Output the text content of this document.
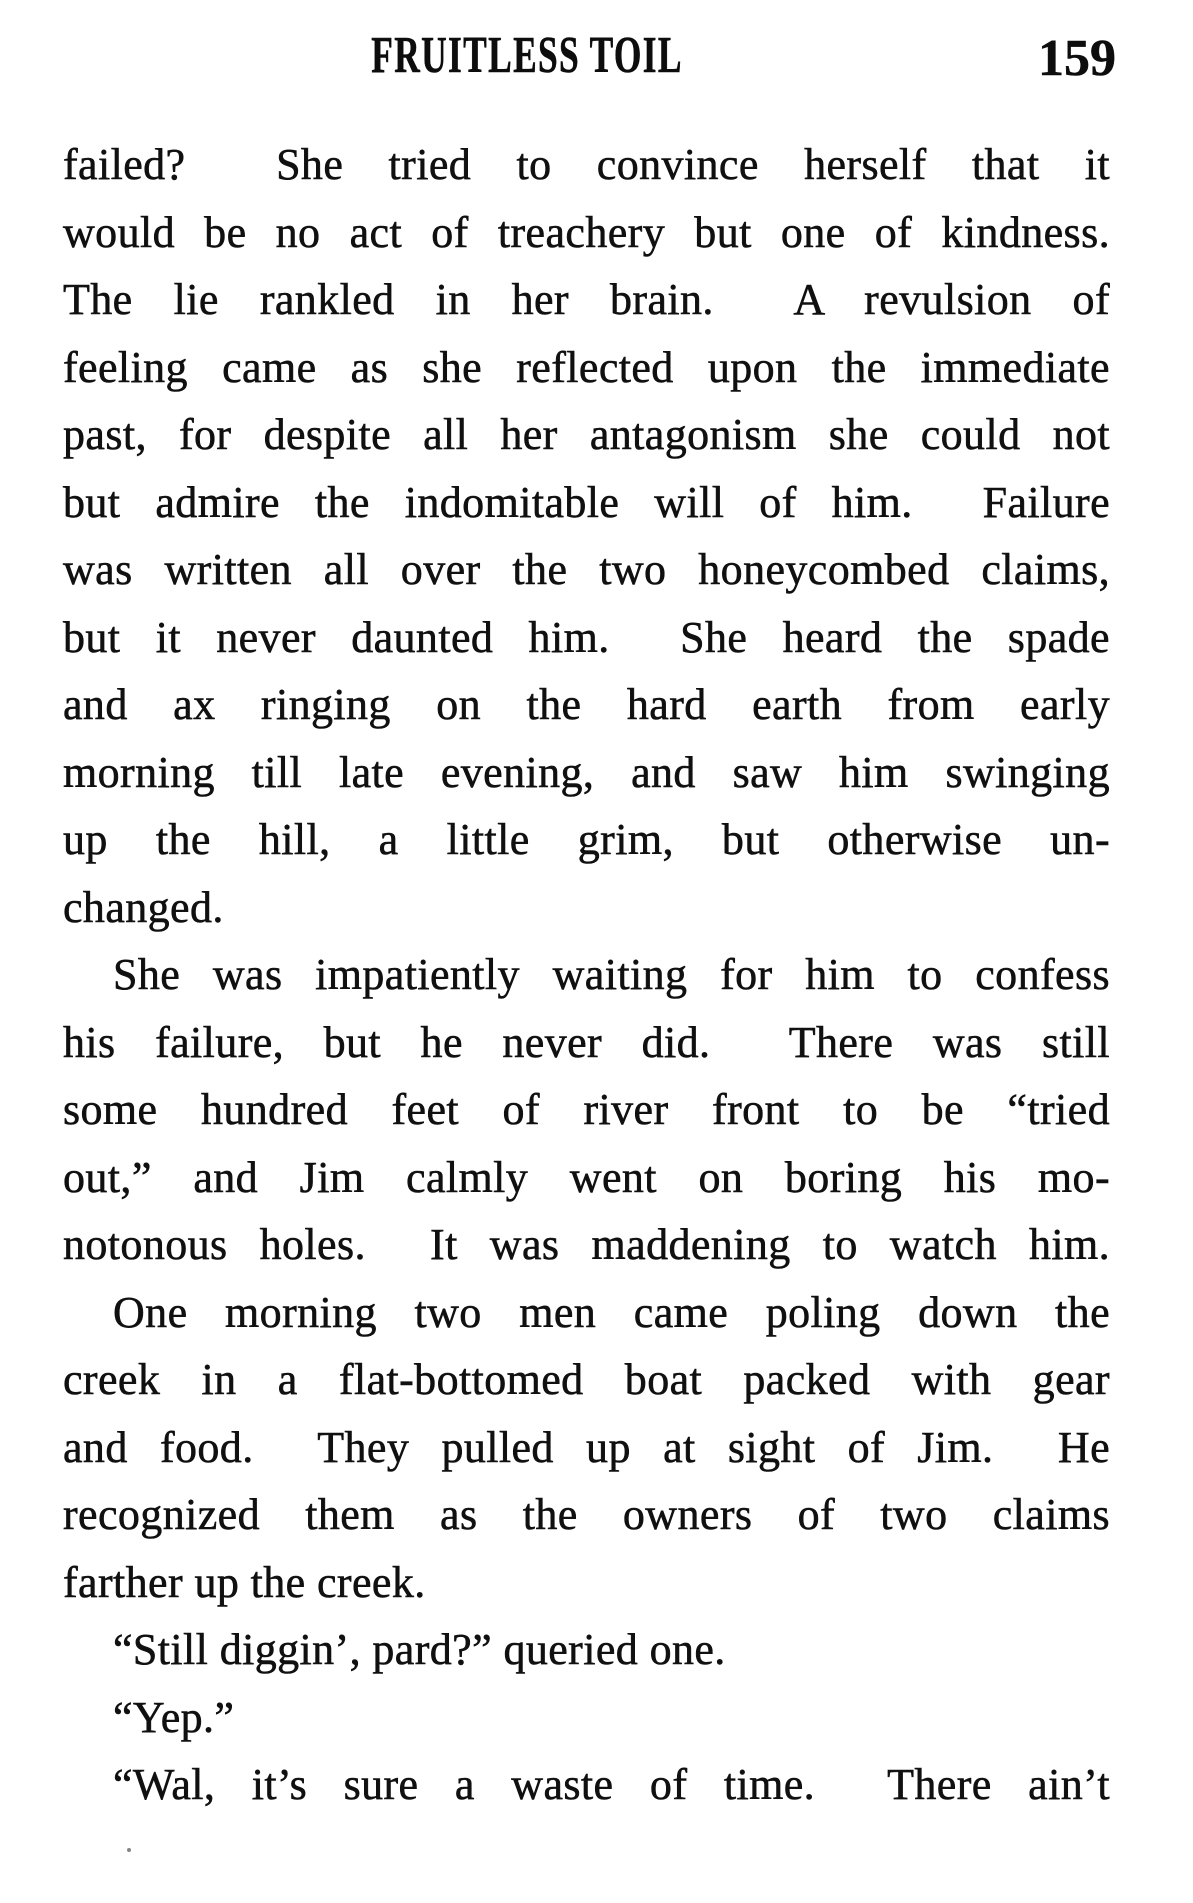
FRUITLESS TOIL	159
failed?  She tried to convince herself that it
would be no act of treachery but one of kindness.
The lie rankled in her brain.  A revulsion of
feeling came as she reflected upon the immediate
past, for despite all her antagonism she could not
but admire the indomitable will of him.  Failure
was written all over the two honeycombed claims,
but it never daunted him.  She heard the spade
and ax ringing on the hard earth from early
morning till late evening, and saw him swinging
up the hill, a little grim, but otherwise un-
changed.
She was impatiently waiting for him to confess
his failure, but he never did.  There was still
some hundred feet of river front to be “tried
out,” and Jim calmly went on boring his mo-
notonous holes.  It was maddening to watch him.
One morning two men came poling down the
creek in a flat-bottomed boat packed with gear
and food.  They pulled up at sight of Jim.  He
recognized them as the owners of two claims
farther up the creek.
“Still diggin’, pard?” queried one.
“Yep.”
“Wal, it’s sure a waste of time.  There ain’t
